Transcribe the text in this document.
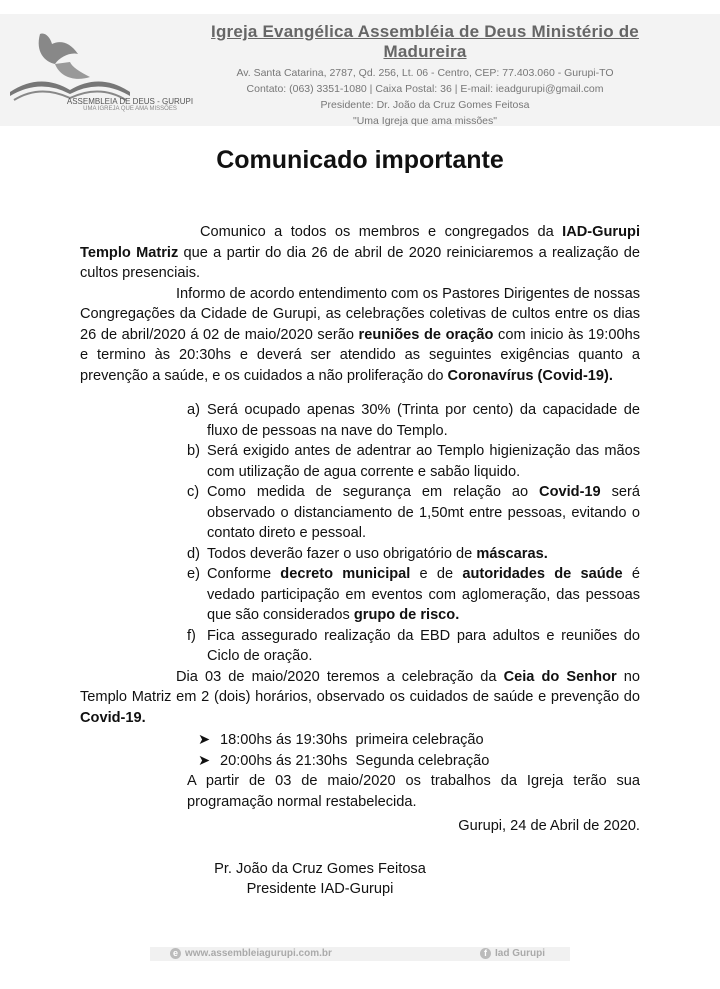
ASSEMBLEIA DE DEUS - GURUPI
UMA IGREJA QUE AMA MISSÕES
Igreja Evangélica Assembléia de Deus Ministério de Madureira
Av. Santa Catarina, 2787, Qd. 256, Lt. 06 - Centro, CEP: 77.403.060 - Gurupi-TO
Contato: (063) 3351-1080 | Caixa Postal: 36 | E-mail: ieadgurupi@gmail.com
Presidente: Dr. João da Cruz Gomes Feitosa
"Uma Igreja que ama missões"
Comunicado importante

Comunico a todos os membros e congregados da IAD-Gurupi Templo Matriz que a partir do dia 26 de abril de 2020 reiniciaremos a realização de cultos presenciais.

Informo de acordo entendimento com os Pastores Dirigentes de nossas Congregações da Cidade de Gurupi, as celebrações coletivas de cultos entre os dias 26 de abril/2020 á 02 de maio/2020 serão reuniões de oração com inicio às 19:00hs e termino às 20:30hs e deverá ser atendido as seguintes exigências quanto a prevenção a saúde, e os cuidados a não proliferação do Coronavírus (Covid-19).

a) Será ocupado apenas 30% (Trinta por cento) da capacidade de fluxo de pessoas na nave do Templo.
b) Será exigido antes de adentrar ao Templo higienização das mãos com utilização de agua corrente e sabão liquido.
c) Como medida de segurança em relação ao Covid-19 será observado o distanciamento de 1,50mt entre pessoas, evitando o contato direto e pessoal.
d) Todos deverão fazer o uso obrigatório de máscaras.
e) Conforme decreto municipal e de autoridades de saúde é vedado participação em eventos com aglomeração, das pessoas que são considerados grupo de risco.
f) Fica assegurado realização da EBD para adultos e reuniões do Ciclo de oração.

Dia 03 de maio/2020 teremos a celebração da Ceia do Senhor no Templo Matriz em 2 (dois) horários, observado os cuidados de saúde e prevenção do Covid-19.

➤ 18:00hs ás 19:30hs primeira celebração
➤ 20:00hs ás 21:30hs Segunda celebração

A partir de 03 de maio/2020 os trabalhos da Igreja terão sua programação normal restabelecida.

Gurupi, 24 de Abril de 2020.

Pr. João da Cruz Gomes Feitosa
Presidente IAD-Gurupi
e www.assembleiagurupi.com.br	f Iad Gurupi
